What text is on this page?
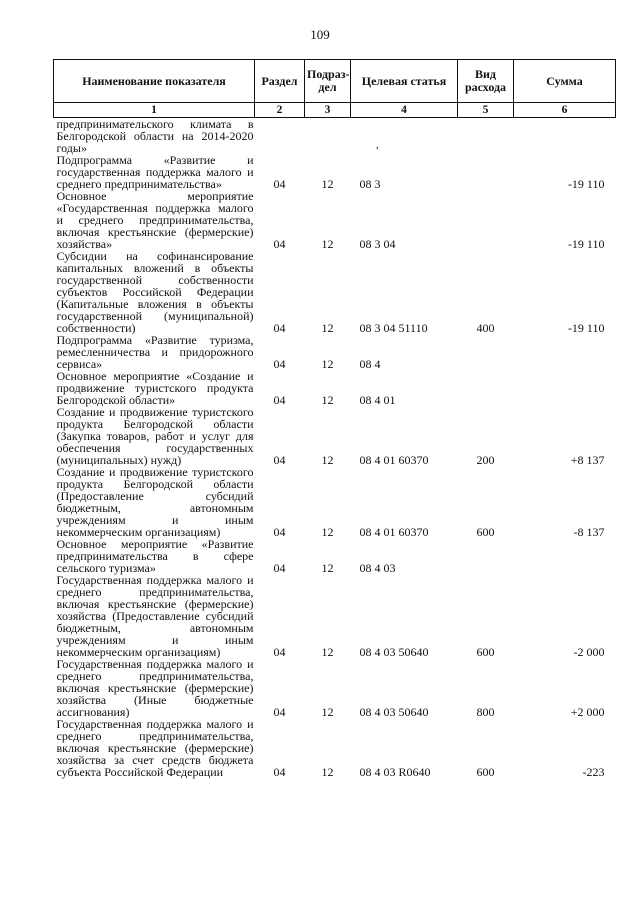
109
,
Наименование показателя	Раздел	Подраз- дел	Целевая статья	Вид расхода	Сумма
1	2	3	4	5	6
предпринимательского климата в Белгородской области на 2014-2020 годы»					
Подпрограмма «Развитие и государственная поддержка малого и среднего предпринимательства»	04	12	08 3		-19 110
Основное мероприятие «Государственная поддержка малого и среднего предпринимательства, включая крестьянские (фермерские) хозяйства»	04	12	08 3 04		-19 110
Субсидии на софинансирование капитальных вложений в объекты государственной собственности субъектов Российской Федерации (Капитальные вложения в объекты государственной (муниципальной) собственности)	04	12	08 3 04 51110	400	-19 110
Подпрограмма «Развитие туризма, ремесленничества и придорожного сервиса»	04	12	08 4		
Основное мероприятие «Создание и продвижение туристского продукта Белгородской области»	04	12	08 4 01		
Создание и продвижение туристского продукта Белгородской области (Закупка товаров, работ и услуг для обеспечения государственных (муниципальных) нужд)	04	12	08 4 01 60370	200	+8 137
Создание и продвижение туристского продукта Белгородской области (Предоставление субсидий бюджетным, автономным учреждениям и иным некоммерческим организациям)	04	12	08 4 01 60370	600	-8 137
Основное мероприятие «Развитие предпринимательства в сфере сельского туризма»	04	12	08 4 03		
Государственная поддержка малого и среднего предпринимательства, включая крестьянские (фермерские) хозяйства (Предоставление субсидий бюджетным, автономным учреждениям и иным некоммерческим организациям)	04	12	08 4 03 50640	600	-2 000
Государственная поддержка малого и среднего предпринимательства, включая крестьянские (фермерские) хозяйства (Иные бюджетные ассигнования)	04	12	08 4 03 50640	800	+2 000
Государственная поддержка малого и среднего предпринимательства, включая крестьянские (фермерские) хозяйства за счет средств бюджета субъекта Российской Федерации	04	12	08 4 03 R0640	600	-223
